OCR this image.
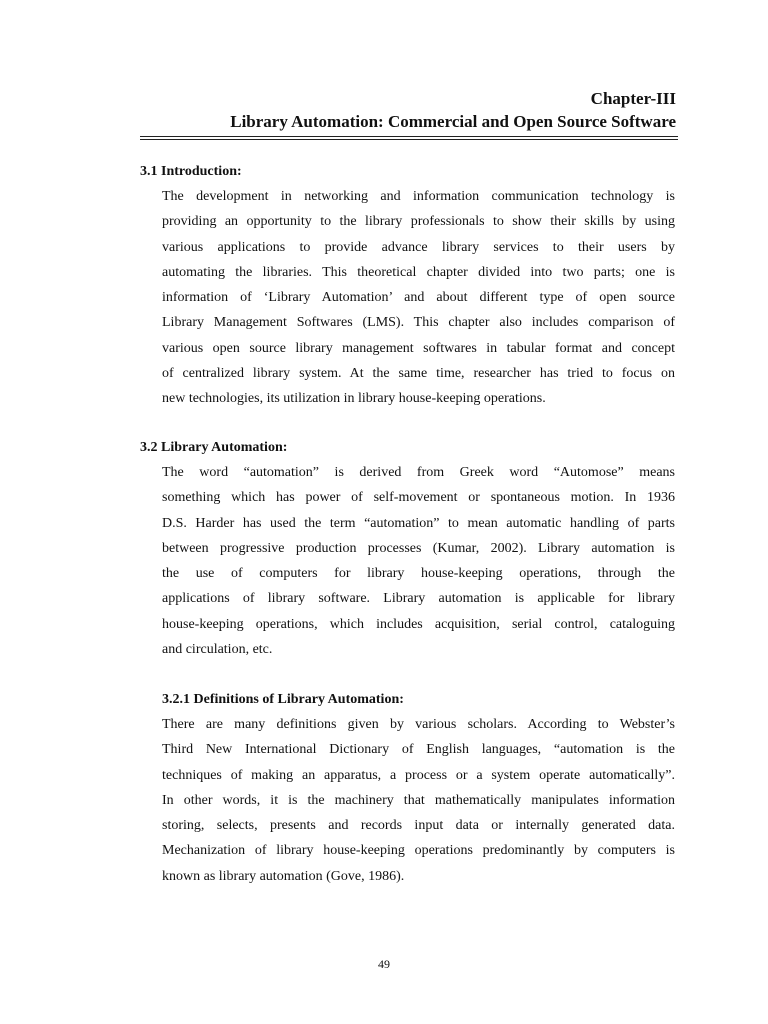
Chapter-III
Library Automation: Commercial and Open Source Software
3.1 Introduction:
The development in networking and information communication technology is
providing an opportunity to the library professionals to show their skills by using
various applications to provide advance library services to their users by
automating the libraries. This theoretical chapter divided into two parts; one is
information of ‘Library Automation’ and about different type of open source
Library Management Softwares (LMS). This chapter also includes comparison of
various open source library management softwares in tabular format and concept
of centralized library system. At the same time, researcher has tried to focus on
new technologies, its utilization in library house-keeping operations.
3.2 Library Automation:
The word “automation” is derived from Greek word “Automose” means
something which has power of self-movement or spontaneous motion. In 1936
D.S. Harder has used the term “automation” to mean automatic handling of parts
between progressive production processes (Kumar, 2002). Library automation is
the use of computers for library house-keeping operations, through the
applications of library software. Library automation is applicable for library
house-keeping operations, which includes acquisition, serial control, cataloguing
and circulation, etc.
3.2.1 Definitions of Library Automation:
There are many definitions given by various scholars. According to Webster’s
Third New International Dictionary of English languages, “automation is the
techniques of making an apparatus, a process or a system operate automatically”.
In other words, it is the machinery that mathematically manipulates information
storing, selects, presents and records input data or internally generated data.
Mechanization of library house-keeping operations predominantly by computers is
known as library automation (Gove, 1986).
49
